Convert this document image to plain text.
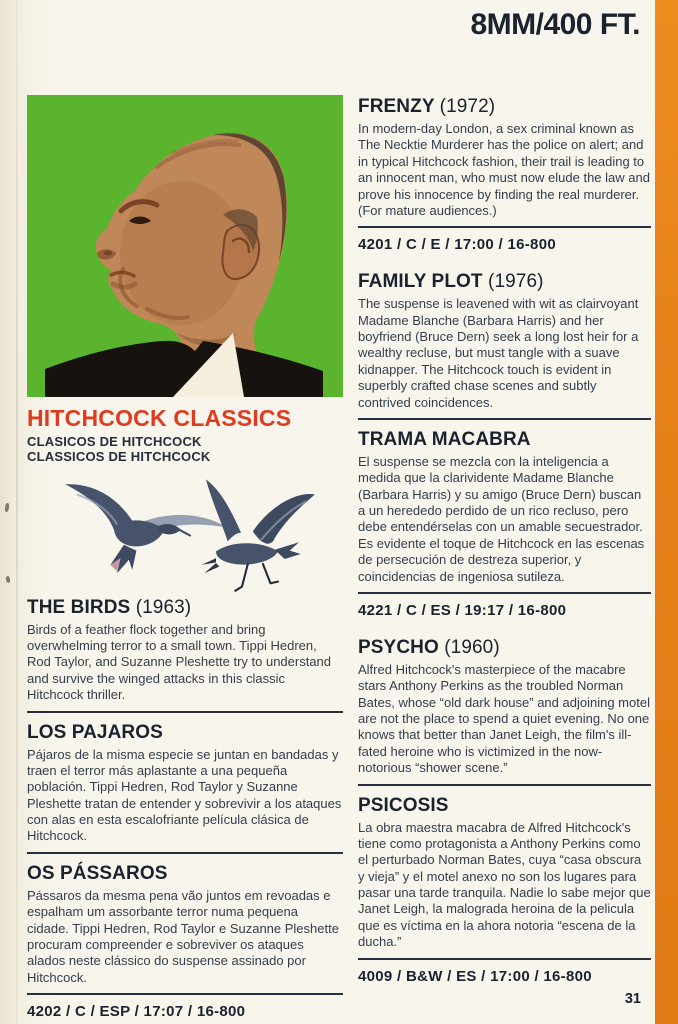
8MM/400 FT.
HITCHCOCK CLASSICS
CLASICOS DE HITCHCOCK
CLASSICOS DE HITCHCOCK
THE BIRDS (1963)

Birds of a feather flock together and bring overwhelming terror to a small town. Tippi Hedren, Rod Taylor, and Suzanne Pleshette try to understand and survive the winged attacks in this classic Hitchcock thriller.

LOS PAJAROS

Pájaros de la misma especie se juntan en bandadas y traen el terror más aplastante a una pequeña población. Tippi Hedren, Rod Taylor y Suzanne Pleshette tratan de entender y sobrevivir a los ataques con alas en esta escalofriante película clásica de Hitchcock.

OS PÁSSAROS

Pássaros da mesma pena vão juntos em revoadas e espalham um assorbante terror numa pequena cidade. Tippi Hedren, Rod Taylor e Suzanne Pleshette procuram compreender e sobreviver os ataques alados neste clássico do suspense assinado por Hitchcock.

4202 / C / ESP / 17:07 / 16-800
FRENZY (1972)

In modern-day London, a sex criminal known as The Necktie Murderer has the police on alert; and in typical Hitchcock fashion, their trail is leading to an innocent man, who must now elude the law and prove his innocence by finding the real murderer. (For mature audiences.)

4201 / C / E / 17:00 / 16-800
FAMILY PLOT (1976)

The suspense is leavened with wit as clairvoyant Madame Blanche (Barbara Harris) and her boyfriend (Bruce Dern) seek a long lost heir for a wealthy recluse, but must tangle with a suave kidnapper. The Hitchcock touch is evident in superbly crafted chase scenes and subtly contrived coincidences.

TRAMA MACABRA

El suspense se mezcla con la inteligencia a medida que la clarividente Madame Blanche (Barbara Harris) y su amigo (Bruce Dern) buscan a un herededo perdido de un rico recluso, pero debe entendérselas con un amable secuestrador. Es evidente el toque de Hitchcock en las escenas de persecución de destreza superior, y coincidencias de ingeniosa sutileza.

4221 / C / ES / 19:17 / 16-800
PSYCHO (1960)

Alfred Hitchcock's masterpiece of the macabre stars Anthony Perkins as the troubled Norman Bates, whose “old dark house” and adjoining motel are not the place to spend a quiet evening. No one knows that better than Janet Leigh, the film's ill-fated heroine who is victimized in the now-notorious “shower scene.”

PSICOSIS

La obra maestra macabra de Alfred Hitchcock's tiene como protagonista a Anthony Perkins como el perturbado Norman Bates, cuya “casa obscura y vieja” y el motel anexo no son los lugares para pasar una tarde tranquila. Nadie lo sabe mejor que Janet Leigh, la malograda heroina de la pelicula que es víctima en la ahora notoria “escena de la ducha.”

4009 / B&W / ES / 17:00 / 16-800
31
